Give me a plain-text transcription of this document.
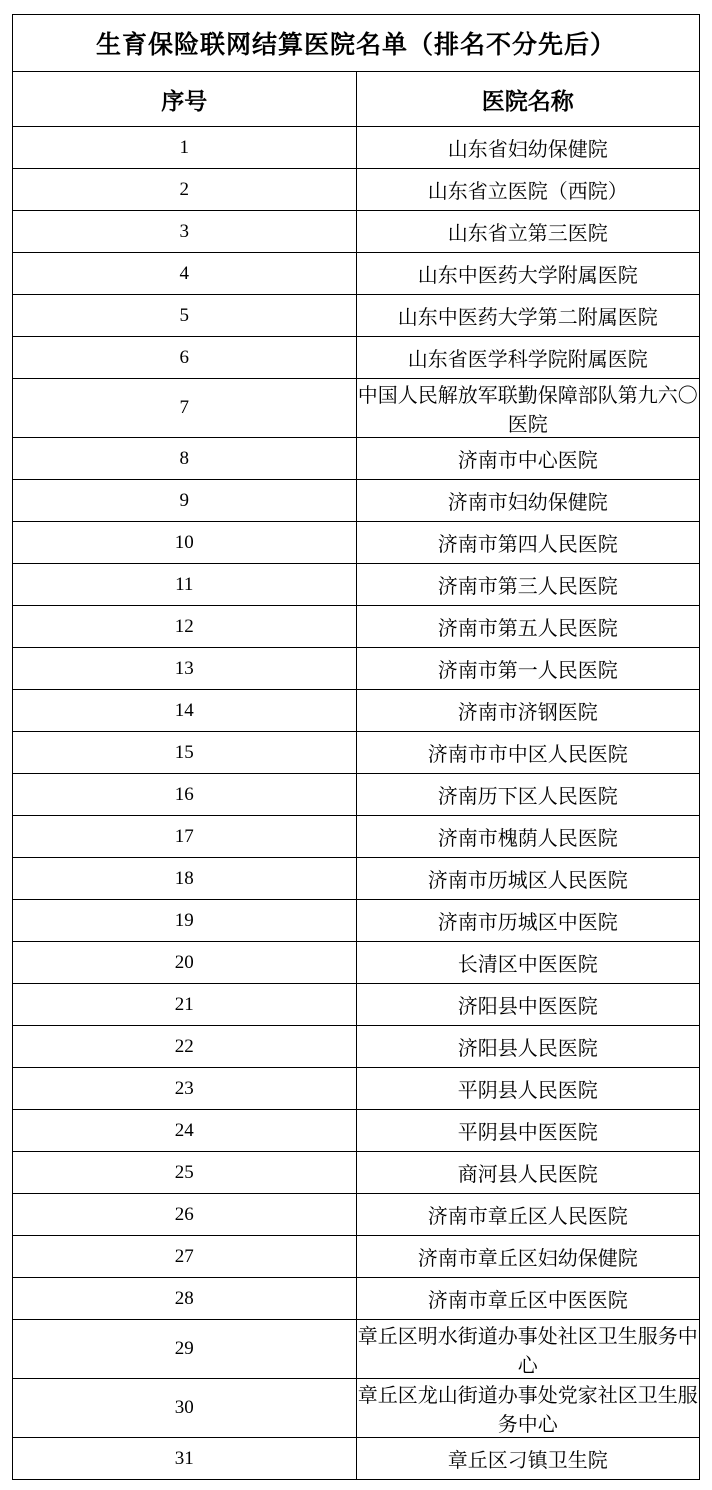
生育保险联网结算医院名单（排名不分先后）	
序号	医院名称
1	山东省妇幼保健院
2	山东省立医院（西院）
3	山东省立第三医院
4	山东中医药大学附属医院
5	山东中医药大学第二附属医院
6	山东省医学科学院附属医院
7	中国人民解放军联勤保障部队第九六〇医院
8	济南市中心医院
9	济南市妇幼保健院
10	济南市第四人民医院
11	济南市第三人民医院
12	济南市第五人民医院
13	济南市第一人民医院
14	济南市济钢医院
15	济南市市中区人民医院
16	济南历下区人民医院
17	济南市槐荫人民医院
18	济南市历城区人民医院
19	济南市历城区中医院
20	长清区中医医院
21	济阳县中医医院
22	济阳县人民医院
23	平阴县人民医院
24	平阴县中医医院
25	商河县人民医院
26	济南市章丘区人民医院
27	济南市章丘区妇幼保健院
28	济南市章丘区中医医院
29	章丘区明水街道办事处社区卫生服务中心
30	章丘区龙山街道办事处党家社区卫生服务中心
31	章丘区刁镇卫生院
